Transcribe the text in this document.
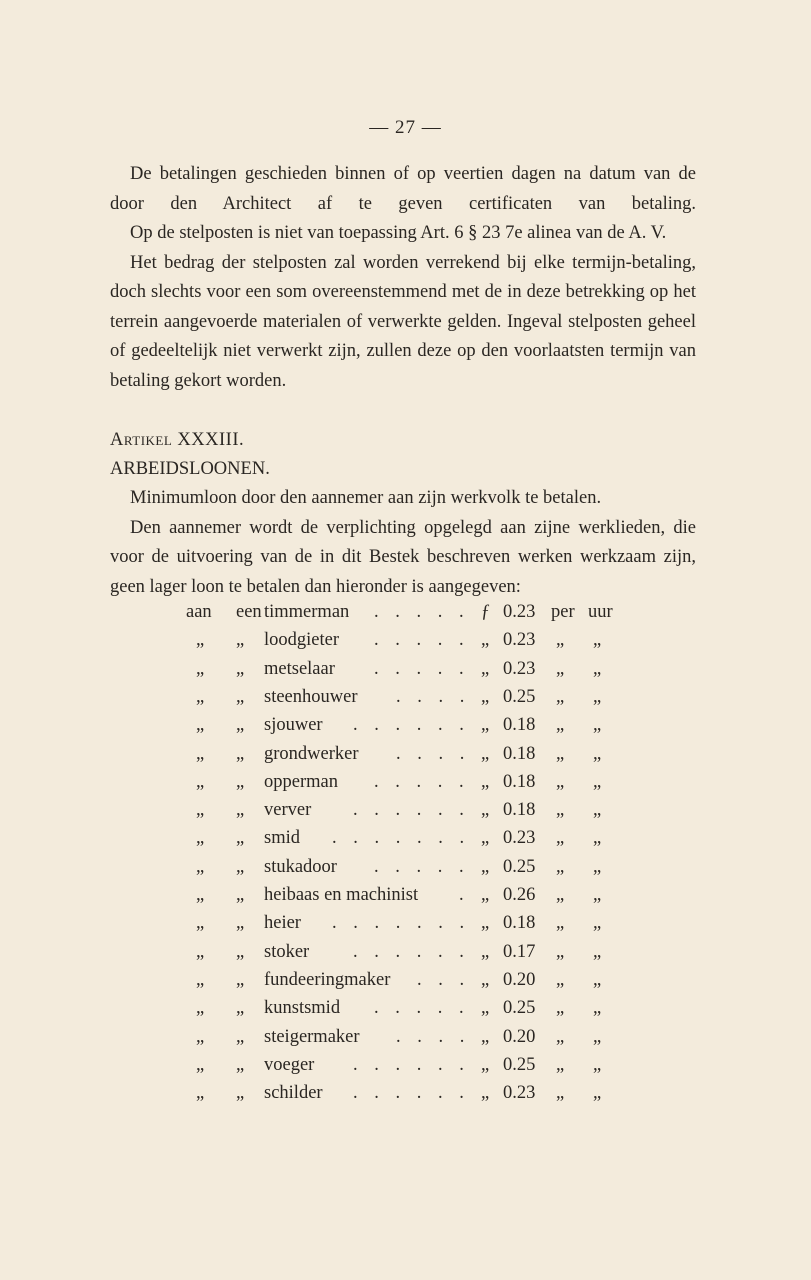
— 27 —

De betalingen geschieden binnen of op veertien dagen na datum van de door den Architect af te geven certificaten van betaling.

Op de stelposten is niet van toepassing Art. 6 § 23 7e alinea van de A. V.

Het bedrag der stelposten zal worden verrekend bij elke termijn-betaling, doch slechts voor een som overeenstemmend met de in deze betrekking op het terrein aangevoerde materialen of verwerkte gelden. Ingeval stelposten geheel of gedeeltelijk niet verwerkt zijn, zullen deze op den voorlaatsten termijn van betaling gekort worden.

Artikel XXXIII.

ARBEIDSLOONEN.

Minimumloon door den aannemer aan zijn werkvolk te betalen.

Den aannemer wordt de verplichting opgelegd aan zijne werklieden, die voor de uitvoering van de in dit Bestek beschreven werken werkzaam zijn, geen lager loon te betalen dan hieronder is aangegeven:

aan een timmerman	ƒ 0.23 per uur
. . . . .
„ „ loodgieter	„ 0.23 „ „
. . . . .
„ „ metselaar	„ 0.23 „ „
. . . . .
„ „ steenhouwer	„ 0.25 „ „
. . . .
„ „ sjouwer	„ 0.18 „ „
. . . . . .
„ „ grondwerker	„ 0.18 „ „
. . . .
„ „ opperman	„ 0.18 „ „
. . . . .
„ „ verver	„ 0.18 „ „
. . . . . .
„ „ smid	„ 0.23 „ „
. . . . . . .
„ „ stukadoor	„ 0.25 „ „
. . . . .
„ „ heibaas en machinist	„ 0.26 „ „
.
„ „ heier	„ 0.18 „ „
. . . . . . .
„ „ stoker	„ 0.17 „ „
. . . . . .
„ „ fundeeringmaker	„ 0.20 „ „
. . .
„ „ kunstsmid	„ 0.25 „ „
. . . . .
„ „ steigermaker	„ 0.20 „ „
. . . .
„ „ voeger	„ 0.25 „ „
. . . . . .
„ „ schilder	„ 0.23 „ „
. . . . . .
